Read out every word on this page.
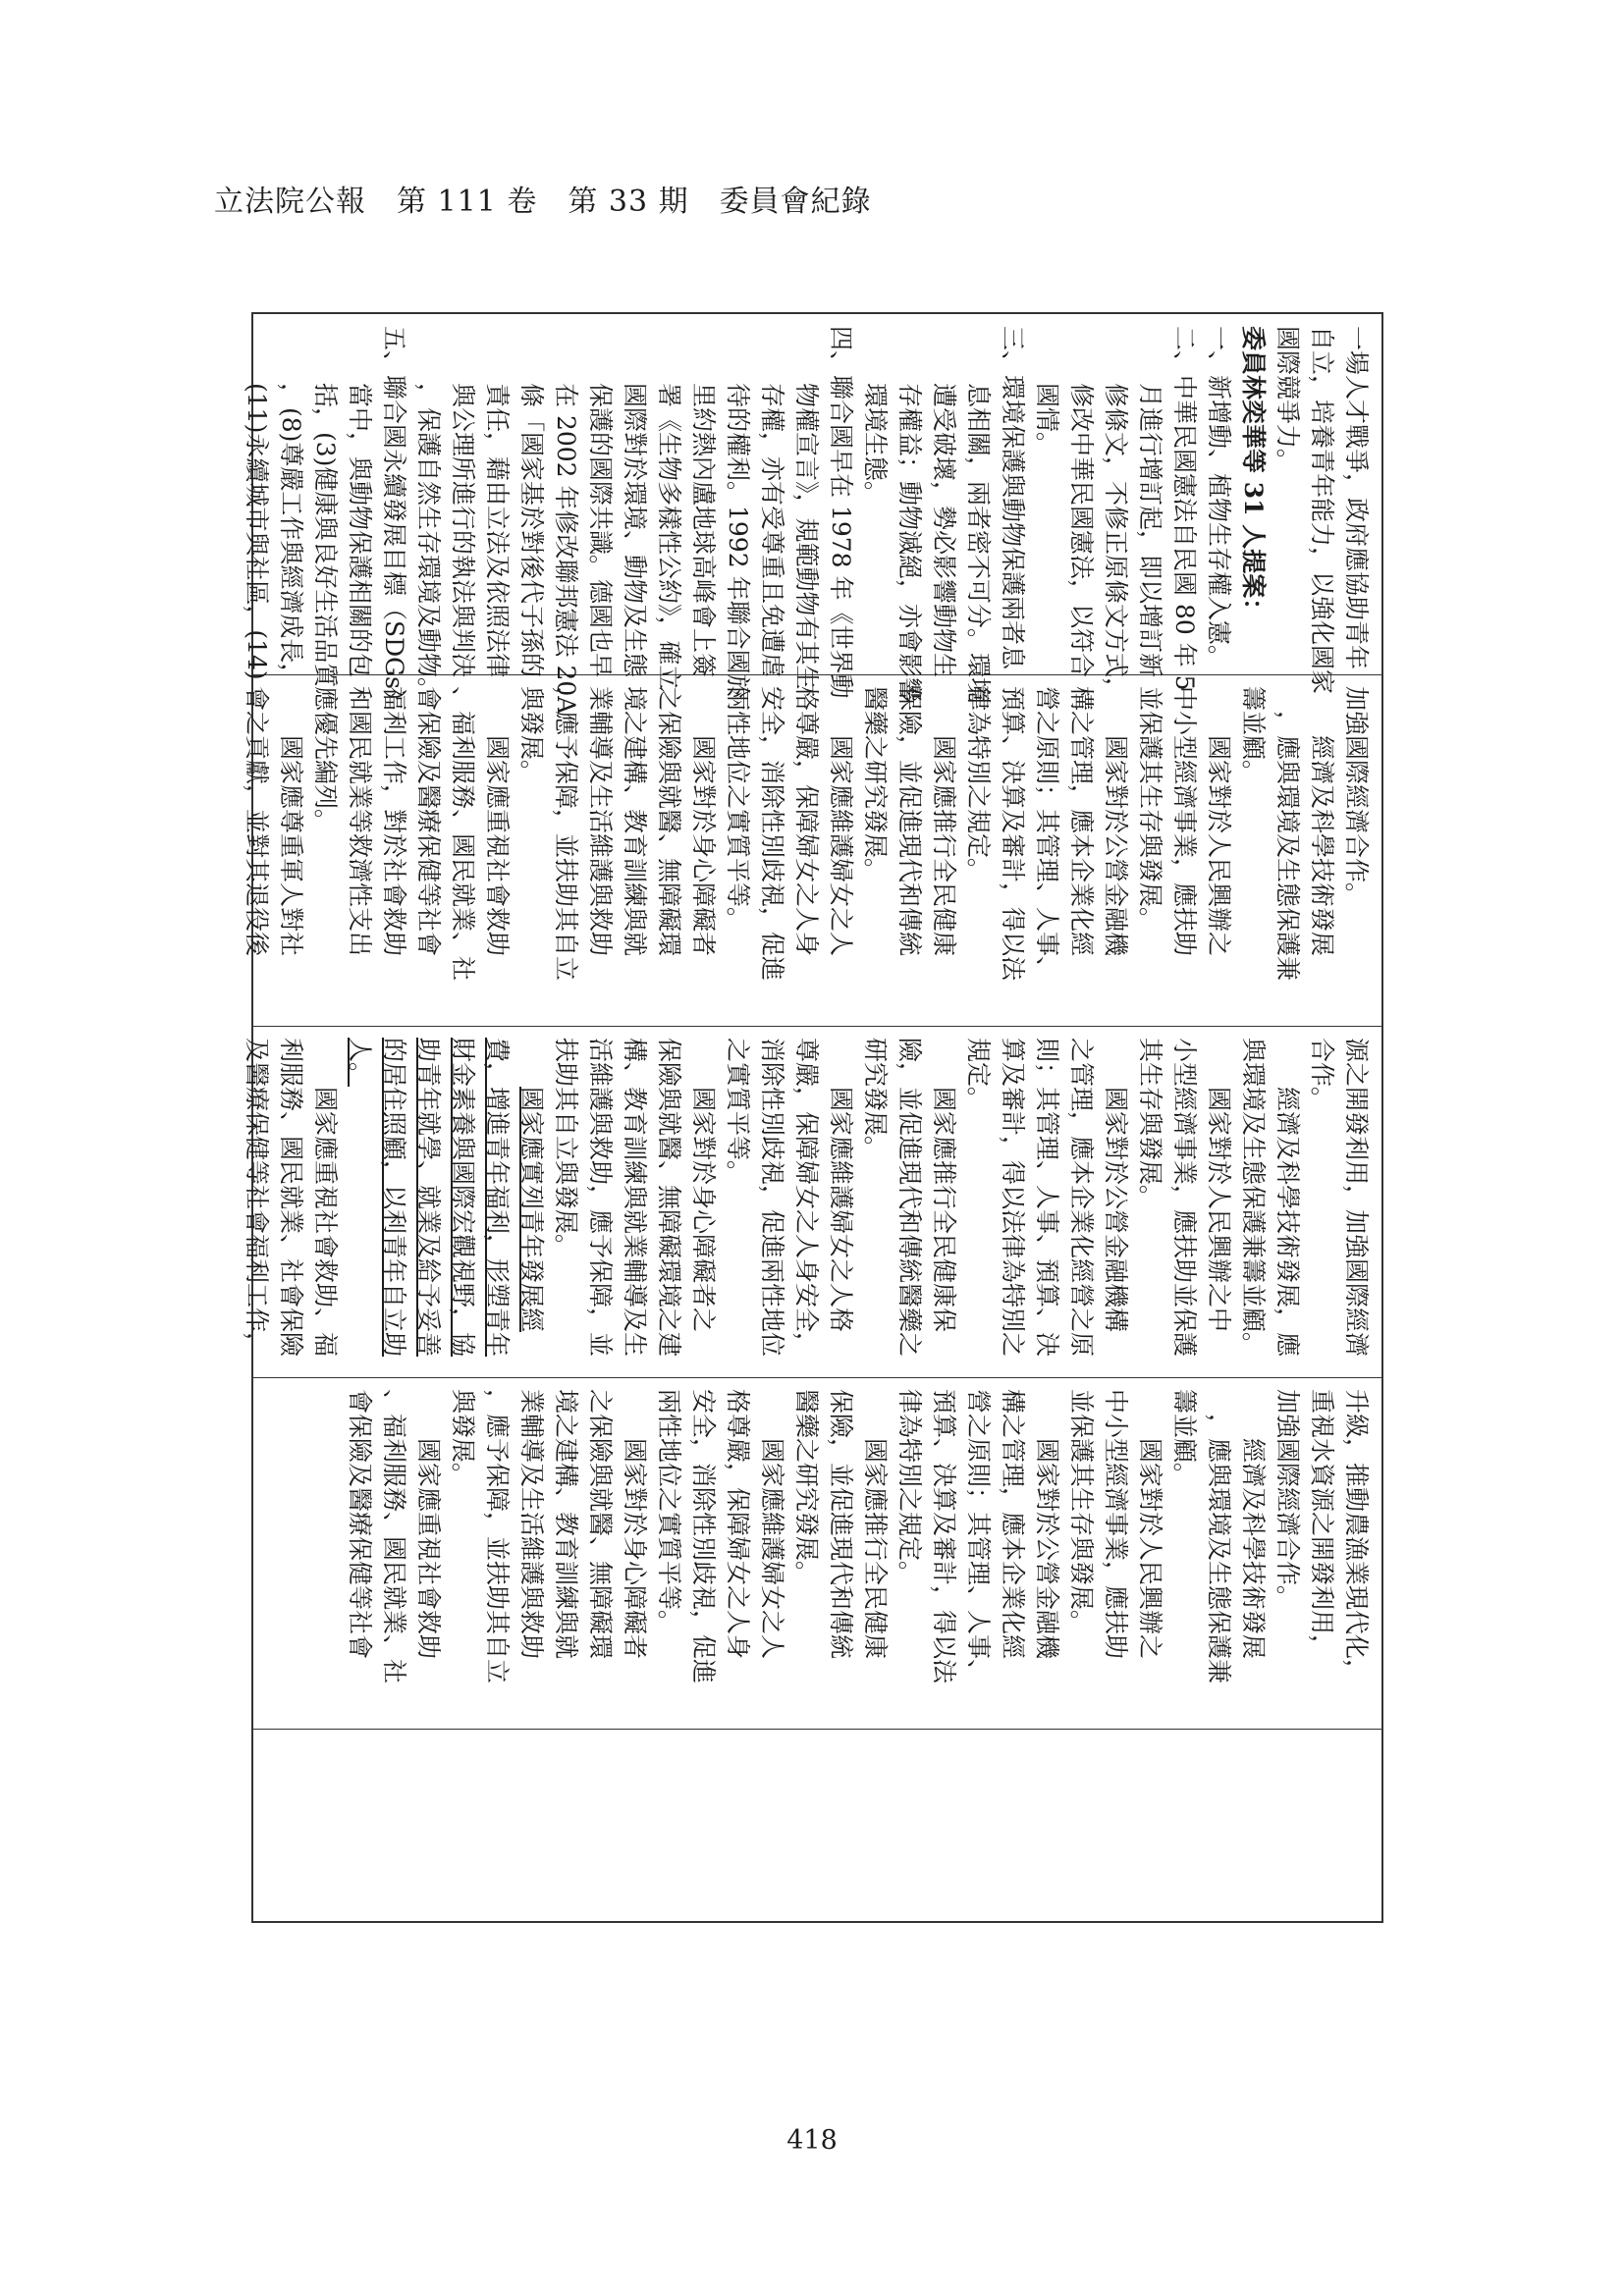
立法院公報　第 111 卷　第 33 期　委員會紀錄
一場人才戰爭，政府應協助青年
自立，培養青年能力，以強化國家
國際競爭力。
委員林奕華等 31 人提案：
一、新增動、植物生存權入憲。
二、中華民國憲法自民國 80 年 5
月進行增訂起，即以增訂新
修條文，不修正原條文方式，
修改中華民國憲法，以符合
國情。
三、環境保護與動物保護兩者息
息相關，兩者密不可分。環境
遭受破壞，勢必影響動物生
存權益；動物滅絕，亦會影響
環境生態。
四、聯合國早在 1978 年《世界動
物權宣言》，規範動物有其生
存權，亦有受尊重且免遭虐
待的權利。1992 年聯合國於
里約熱內盧地球高峰會上簽
署《生物多樣性公約》，確立
國際對於環境、動物及生態
保護的國際共識。德國也早
在 2002 年修改聯邦憲法 20A
條「國家基於對後代子孫的
責任，藉由立法及依照法律
與公理所進行的執法與判決
，保護自然生存環境及動物。
五、聯合國永續發展目標（SDGs）
當中，與動物保護相關的包
括，(3)健康與良好生活品質
，(8)尊嚴工作與經濟成長，
(11)永續城市與社區，(14)
加強國際經濟合作。
經濟及科學技術發展
，應與環境及生態保護兼
籌並顧。
國家對於人民興辦之
中小型經濟事業，應扶助
並保護其生存與發展。
國家對於公營金融機
構之管理，應本企業化經
營之原則；其管理、人事、
預算、決算及審計，得以法
律為特別之規定。
國家應推行全民健康
保險，並促進現代和傳統
醫藥之研究發展。
國家應維護婦女之人
格尊嚴，保障婦女之人身
安全，消除性別歧視，促進
兩性地位之實質平等。
國家對於身心障礙者
之保險與就醫、無障礙環
境之建構、教育訓練與就
業輔導及生活維護與救助
，應予保障，並扶助其自立
與發展。
國家應重視社會救助
、福利服務、國民就業、社
會保險及醫療保健等社會
福利工作，對於社會救助
和國民就業等救濟性支出
應優先編列。
國家應尊重軍人對社
會之貢獻，並對其退役後
源之開發利用，加強國際經濟
合作。
經濟及科學技術發展，應
與環境及生態保護兼籌並顧。
國家對於人民興辦之中
小型經濟事業，應扶助並保護
其生存與發展。
國家對於公營金融機構
之管理，應本企業化經營之原
則；其管理、人事、預算、決
算及審計，得以法律為特別之
規定。
國家應推行全民健康保
險，並促進現代和傳統醫藥之
研究發展。
國家應維護婦女之人格
尊嚴，保障婦女之人身安全，
消除性別歧視，促進兩性地位
之實質平等。
國家對於身心障礙者之
保險與就醫、無障礙環境之建
構、教育訓練與就業輔導及生
活維護與救助，應予保障，並
扶助其自立與發展。
國家應實列青年發展經
費，增進青年福利，形塑青年
財金素養與國際宏觀視野，協
助青年就學、就業及給予妥善
的居住照顧，以利青年自立助
人。
國家應重視社會救助、福
利服務、國民就業、社會保險
及醫療保健等社會福利工作，
升級，推動農漁業現代化，
重視水資源之開發利用，
加強國際經濟合作。
經濟及科學技術發展
，應與環境及生態保護兼
籌並顧。
國家對於人民興辦之
中小型經濟事業，應扶助
並保護其生存與發展。
國家對於公營金融機
構之管理，應本企業化經
營之原則；其管理、人事、
預算、決算及審計，得以法
律為特別之規定。
國家應推行全民健康
保險，並促進現代和傳統
醫藥之研究發展。
國家應維護婦女之人
格尊嚴，保障婦女之人身
安全，消除性別歧視，促進
兩性地位之實質平等。
國家對於身心障礙者
之保險與就醫、無障礙環
境之建構、教育訓練與就
業輔導及生活維護與救助
，應予保障，並扶助其自立
與發展。
國家應重視社會救助
、福利服務、國民就業、社
會保險及醫療保健等社會
418
